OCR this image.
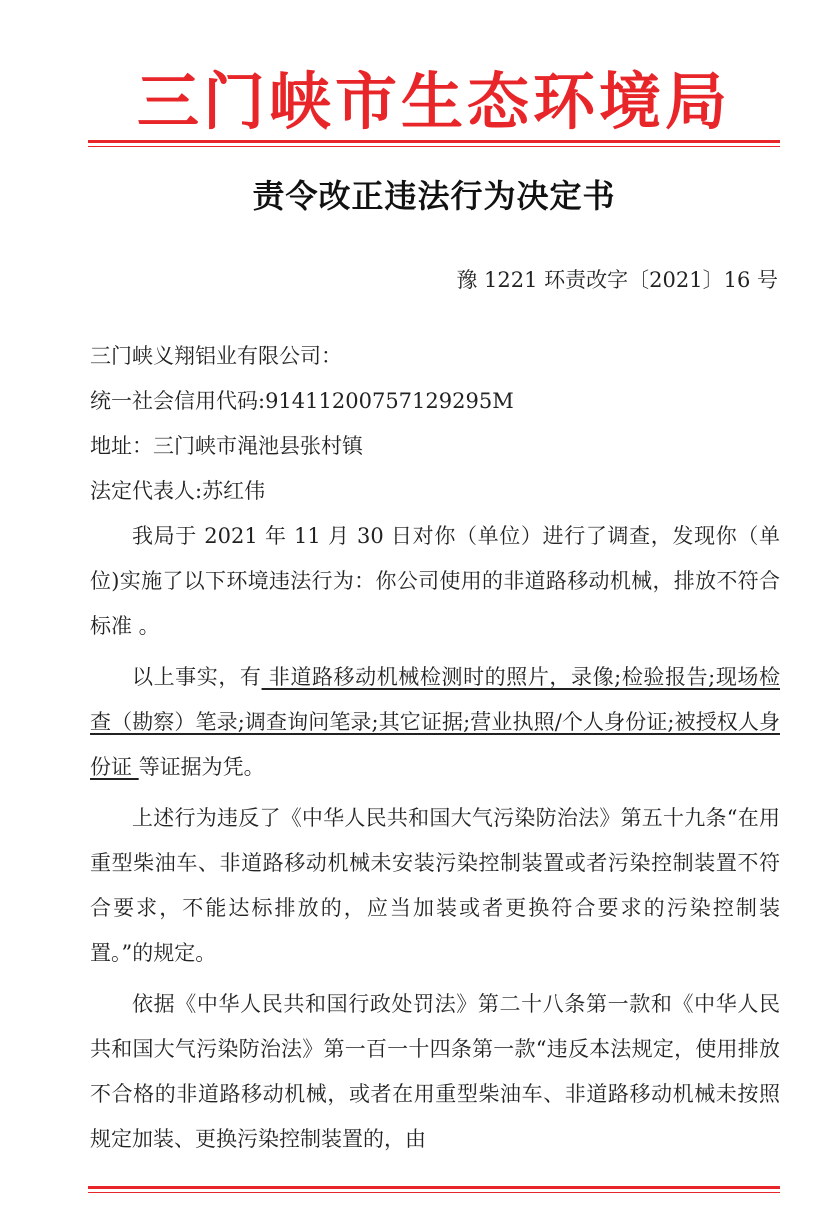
三门峡市生态环境局
责令改正违法行为决定书
豫 1221 环责改字〔2021〕16 号
三门峡义翔铝业有限公司：
统一社会信用代码:91411200757129295M
地址：三门峡市渑池县张村镇
法定代表人:苏红伟

我局于 2021 年 11 月 30 日对你（单位）进行了调查，发现你（单位)实施了以下环境违法行为：你公司使用的非道路移动机械，排放不符合标准 。

以上事实，有 非道路移动机械检测时的照片，录像;检验报告;现场检查（勘察）笔录;调查询问笔录;其它证据;营业执照/个人身份证;被授权人身份证 等证据为凭。

上述行为违反了《中华人民共和国大气污染防治法》第五十九条“在用重型柴油车、非道路移动机械未安装污染控制装置或者污染控制装置不符合要求，不能达标排放的，应当加装或者更换符合要求的污染控制装置。”的规定。

依据《中华人民共和国行政处罚法》第二十八条第一款和《中华人民共和国大气污染防治法》第一百一十四条第一款“违反本法规定，使用排放不合格的非道路移动机械，或者在用重型柴油车、非道路移动机械未按照规定加装、更换污染控制装置的，由
